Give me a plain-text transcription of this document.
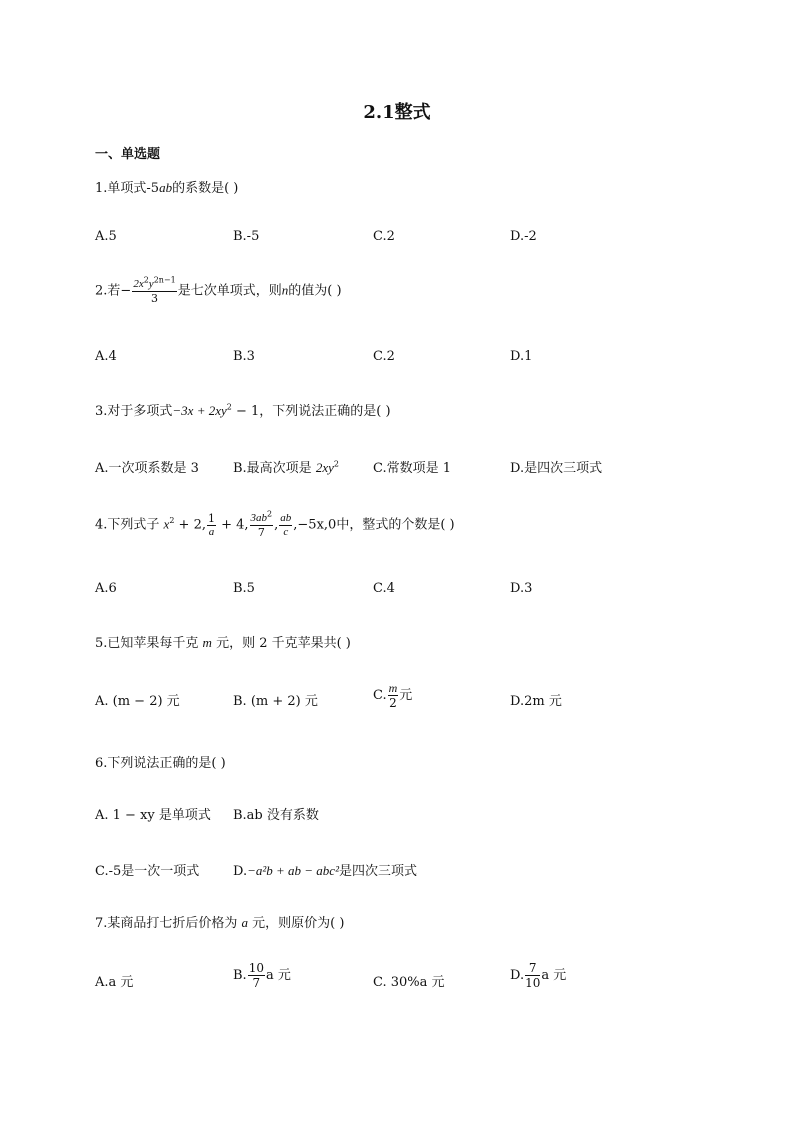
2.1整式
一、单选题
1.单项式-5ab的系数是( )
A.5	B.-5	C.2	D.-2
2.若− $\frac{2x^2y^{2n-1}}{3}$ 是七次单项式，则n的值为( )
A.4	B.3	C.2	D.1
3.对于多项式$-3x + 2xy^2 - 1$，下列说法正确的是( )
A.一次项系数是 3	B.最高次项是 $2xy^2$	C.常数项是 1	D.是四次三项式
4.下列式子 $x^2 + 2$, $\frac{1}{a} + 4$, $\frac{3ab^2}{7}$ , $\frac{ab}{c} ,-5x,0$中，整式的个数是( )
A.6	B.5	C.4	D.3
5.已知苹果每千克 m 元，则 2 千克苹果共( )
A. (m − 2) 元	B. (m + 2) 元	C. $\frac{m}{2}$ 元	D.2m 元
6.下列说法正确的是( )
A. 1 − xy 是单项式 B.ab 没有系数
C.-5是一次一项式	D.−a²b + ab − abc²是四次三项式
7.某商品打七折后价格为 a 元，则原价为( )
A.a 元	B. $\frac{10}{7}$ a 元	C. 30%a 元	D. $\frac{7}{10}$ a 元
